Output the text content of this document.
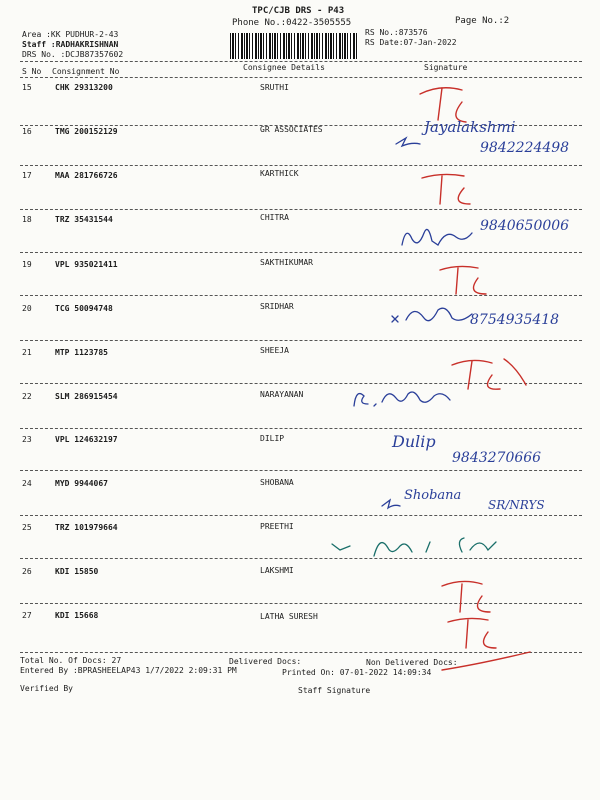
TPC/CJB DRS - P43
Phone No.:0422-3505555	Page No.:2
Area :KK PUDHUR-2-43
Staff :RADHAKRISHNAN
DRS No. :DCJB87357602
RS No.:873576
RS Date:07-Jan-2022
S No Consignment No	Consignee Details	Signature
15	CHK 29313200	SRUTHI
16	TMG 200152129	GR ASSOCIATES
17	MAA 281766726	KARTHICK
18	TRZ 35431544	CHITRA
19	VPL 935021411	SAKTHIKUMAR
20	TCG 50094748	SRIDHAR
21	MTP 1123785	SHEEJA
22	SLM 286915454	NARAYANAN
23	VPL 124632197	DILIP
24	MYD 9944067	SHOBANA
25	TRZ 101979664	PREETHI
26	KDI 15850	LAKSHMI
27	KDI 15668	LATHA SURESH
Total No. Of Docs: 27	Delivered Docs:	Non Delivered Docs:
Entered By :BPRASHEELAP43 1/7/2022 2:09:31 PM	Printed On: 07-01-2022 14:09:34
Verified By	Staff Signature
Jayalakshmi
9842224498
9840650006
8754935418
Dulip
9843270666
Shobana
SR/NRYS
